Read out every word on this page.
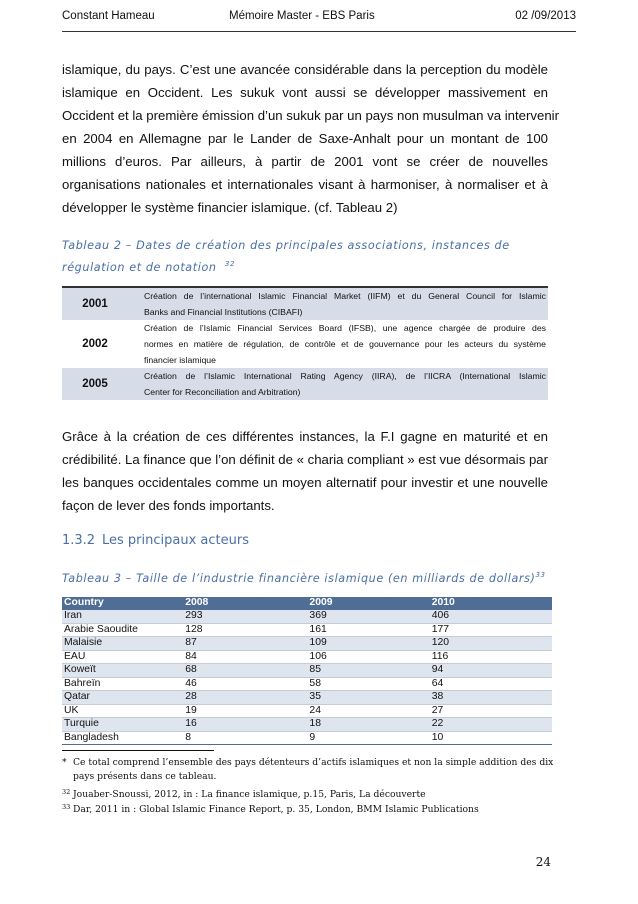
Constant Hameau	Mémoire Master - EBS Paris	02 /09/2013
islamique, du pays. C’est une avancée considérable dans la perception du modèle
islamique en Occident. Les sukuk vont aussi se développer massivement en
Occident et la première émission d’un sukuk par un pays non musulman va intervenir
en 2004 en Allemagne par le Lander de Saxe-Anhalt pour un montant de 100
millions d’euros. Par ailleurs, à partir de 2001 vont se créer de nouvelles
organisations nationales et internationales visant à harmoniser, à normaliser et à
développer le système financier islamique. (cf. Tableau 2)
Tableau 2 – Dates de création des principales associations, instances de
régulation et de notation $^{32}$
2001
Création de l’international Islamic Financial Market (IIFM) et du General Council for Islamic
Banks and Financial Institutions (CIBAFI)
2002
Création de l’Islamic Financial Services Board (IFSB), une agence chargée de produire des
normes en matière de régulation, de contrôle et de gouvernance pour les acteurs du système
financier islamique
2005
Création de l’Islamic International Rating Agency (IIRA), de l’IICRA (International Islamic
Center for Reconciliation and Arbitration)
Grâce à la création de ces différentes instances, la F.I gagne en maturité et en
crédibilité. La finance que l’on définit de « charia compliant » est vue désormais par
les banques occidentales comme un moyen alternatif pour investir et une nouvelle
façon de lever des fonds importants.
1.3.2 Les principaux acteurs
Tableau 3 – Taille de l’industrie financière islamique (en milliards de dollars)$^{33}$
Country	2008	2009	2010
Iran	293	369	406
Arabie Saoudite	128	161	177
Malaisie	87	109	120
EAU	84	106	116
Koweït	68	85	94
Bahreïn	46	58	64
Qatar	28	35	38
UK	19	24	27
Turquie	16	18	22
Bangladesh	8	9	10
* Ce total comprend l’ensemble des pays détenteurs d’actifs islamiques et non la simple addition des dix
pays présents dans ce tableau.
$^{32}$ Jouaber-Snoussi, 2012, in : La finance islamique, p.15, Paris, La découverte
$^{33}$ Dar, 2011 in : Global Islamic Finance Report, p. 35, London, BMM Islamic Publications
24
